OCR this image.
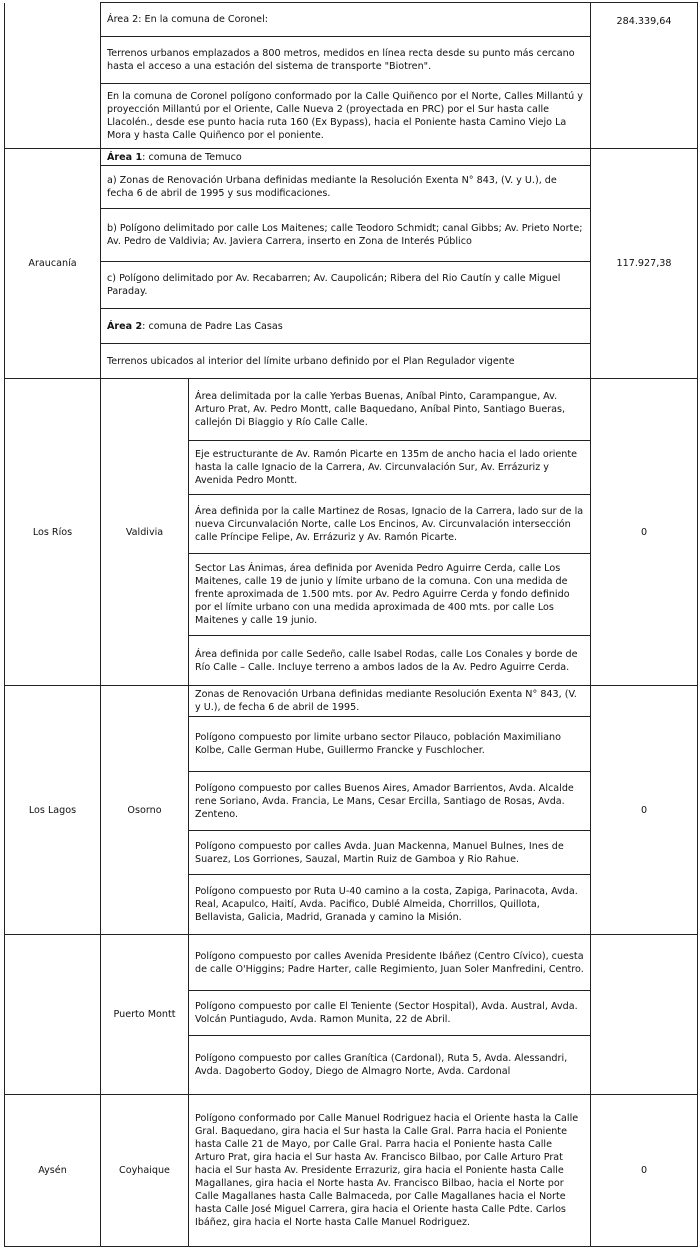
	Área 2: En la comuna de Coronel:		284.339,64
	Terrenos urbanos emplazados a 800 metros, medidos en línea recta desde su punto más cercano hasta el acceso a una estación del sistema de transporte "Biotren".		
	En la comuna de Coronel polígono conformado por la Calle Quiñenco por el Norte, Calles Millantú y proyección Millantú por el Oriente, Calle Nueva 2 (proyectada en PRC) por el Sur hasta calle Llacolén., desde ese punto hacia ruta 160 (Ex Bypass), hacia el Poniente hasta Camino Viejo La Mora y hasta Calle Quiñenco por el poniente.		
Araucanía	Área 1: comuna de Temuco		117.927,38
	a) Zonas de Renovación Urbana definidas mediante la Resolución Exenta N° 843, (V. y U.), de fecha 6 de abril de 1995 y sus modificaciones.		
	b) Polígono delimitado por calle Los Maitenes; calle Teodoro Schmidt; canal Gibbs; Av. Prieto Norte; Av. Pedro de Valdivia; Av. Javiera Carrera, inserto en Zona de Interés Público		
	c) Polígono delimitado por Av. Recabarren; Av. Caupolicán; Ribera del Rio Cautín y calle Miguel Paraday.		
	Área 2: comuna de Padre Las Casas		
	Terrenos ubicados al interior del límite urbano definido por el Plan Regulador vigente		
Los Ríos	Valdivia	Área delimitada por la calle Yerbas Buenas, Aníbal Pinto, Carampangue, Av. Arturo Prat, Av. Pedro Montt, calle Baquedano, Aníbal Pinto, Santiago Bueras, callejón Di Biaggio y Río Calle Calle.	0
		Eje estructurante de Av. Ramón Picarte en 135m de ancho hacia el lado oriente hasta la calle Ignacio de la Carrera, Av. Circunvalación Sur, Av. Errázuriz y Avenida Pedro Montt.	
		Área definida por la calle Martinez de Rosas, Ignacio de la Carrera, lado sur de la nueva Circunvalación Norte, calle Los Encinos, Av. Circunvalación intersección calle Príncipe Felipe, Av. Errázuriz y Av. Ramón Picarte.	
		Sector Las Ánimas, área definida por Avenida Pedro Aguirre Cerda, calle Los Maitenes, calle 19 de junio y límite urbano de la comuna. Con una medida de frente aproximada de 1.500 mts. por Av. Pedro Aguirre Cerda y fondo definido por el límite urbano con una medida aproximada de 400 mts. por calle Los Maitenes y calle 19 junio.	
		Área definida por calle Sedeño, calle Isabel Rodas, calle Los Conales y borde de Río Calle – Calle. Incluye terreno a ambos lados de la Av. Pedro Aguirre Cerda.	
Los Lagos	Osorno	Zonas de Renovación Urbana definidas mediante Resolución Exenta N° 843, (V. y U.), de fecha 6 de abril de 1995.	0
		Polígono compuesto por limite urbano sector Pilauco, población Maximiliano Kolbe, Calle German Hube, Guillermo Francke y Fuschlocher.	
		Polígono compuesto por calles Buenos Aires, Amador Barrientos, Avda. Alcalde rene Soriano, Avda. Francia, Le Mans, Cesar Ercilla, Santiago de Rosas, Avda. Zenteno.	
		Polígono compuesto por calles Avda. Juan Mackenna, Manuel Bulnes, Ines de Suarez, Los Gorriones, Sauzal, Martin Ruiz de Gamboa y Rio Rahue.	
		Polígono compuesto por Ruta U-40 camino a la costa, Zapiga, Parinacota, Avda. Real, Acapulco, Haití, Avda. Pacifico, Dublé Almeida, Chorrillos, Quillota, Bellavista, Galicia, Madrid, Granada y camino la Misión.	
	Puerto Montt	Polígono compuesto por calles Avenida Presidente Ibáñez (Centro Cívico), cuesta de calle O'Higgins; Padre Harter, calle Regimiento, Juan Soler Manfredini, Centro.	
		Polígono compuesto por calle El Teniente (Sector Hospital), Avda. Austral, Avda. Volcán Puntiagudo, Avda. Ramon Munita, 22 de Abril.	
		Polígono compuesto por calles Granítica (Cardonal), Ruta 5, Avda. Alessandri, Avda. Dagoberto Godoy, Diego de Almagro Norte, Avda. Cardonal	
Aysén	Coyhaique	Polígono conformado por Calle Manuel Rodriguez hacia el Oriente hasta la Calle Gral. Baquedano, gira hacia el Sur hasta la Calle Gral. Parra hacia el Poniente hasta Calle 21 de Mayo, por Calle Gral. Parra hacia el Poniente hasta Calle Arturo Prat, gira hacia el Sur hasta Av. Francisco Bilbao, por Calle Arturo Prat hacia el Sur hasta Av. Presidente Errazuriz, gira hacia el Poniente hasta Calle Magallanes, gira hacia el Norte hasta Av. Francisco Bilbao, hacia el Norte por Calle Magallanes hasta Calle Balmaceda, por Calle Magallanes hacia el Norte hasta Calle José Miguel Carrera, gira hacia el Oriente hasta Calle Pdte. Carlos Ibáñez, gira hacia el Norte hasta Calle Manuel Rodriguez.	0
